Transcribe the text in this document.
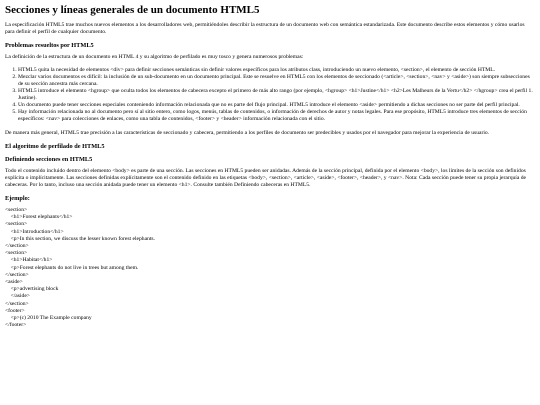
Secciones y líneas generales de un documento HTML5

La especificación HTML5 trae muchos nuevos elementos a los desarrolladores web, permitiéndoles describir la estructura de un documento web con semántica estandarizada. Este documento describe estos elementos y cómo usarlos para definir el perfil de cualquier documento.

Problemas resueltos por HTML5

La definición de la estructura de un documento en HTML 4 y su algoritmo de perfilado es muy tosco y genera numerosos problemas:

1. HTML5 quita la necesidad de elementos <div> para definir secciones semánticas sin definir valores específicos para los atributos class, introduciendo un nuevo elemento, <section>, el elemento de sección HTML.
2. Mezclar varios documentos es difícil: la inclusión de un sub-documento en un documento principal. Este se resuelve en HTML5 con los elementos de seccionado (<article>, <section>, <nav> y <aside>) son siempre subsecciones de su sección ancestra más cercana.
3. HTML5 introduce el elemento <hgroup> que oculta todos los elementos de cabecera excepto el primero de más alto rango (por ejemplo, <hgroup> <h1>Justine</h1> <h2>Les Malheurs de la Vertu</h2> </hgroup> crea el perfil 1. Justine).
4. Un documento puede tener secciones especiales conteniendo información relacionada que no es parte del flujo principal. HTML5 introduce el elemento <aside> permitiendo a dichas secciones no ser parte del perfil principal.
5. Hay información relacionada no al documento pero sí al sitio entero, como logos, menús, tablas de contenidos, o información de derechos de autor y notas legales. Para ese propósito, HTML5 introduce tres elementos de sección específicos: <nav> para colecciones de enlaces, como una tabla de contenidos, <footer> y <header> información relacionada con el sitio.

De manera más general, HTML5 trae precisión a las características de seccionado y cabecera, permitiendo a los perfiles de documento ser predecibles y usados por el navegador para mejorar la experiencia de usuario.

El algoritmo de perfilado de HTML5
Definiendo secciones en HTML5

Todo el contenido incluido dentro del elemento <body> es parte de una sección. Las secciones en HTML5 pueden ser anidadas. Además de la sección principal, definida por el elemento <body>, los límites de la sección son definidos explícita o implícitamente. Las secciones definidas explícitamente son el contenido definido en las etiquetas <body>, <section>, <article>, <aside>, <footer>, <header>, y <nav>. Nota: Cada sección puede tener su propia jerarquía de cabeceras. Por lo tanto, incluso una sección anidada puede tener un elemento <h1>. Consulte también Definiendo cabeceras en HTML5.

Ejemplo:
<section>
<h1>Forest elephants</h1>
<section>
<h1>Introduction</h1>
<p>In this section, we discuss the lesser known forest elephants.
</section>
<section>
<h1>Habitat</h1>
<p>Forest elephants do not live in trees but among them.
</section>
<aside>
<p>advertising block
</aside>
</section>
<footer>
<p>(c) 2010 The Example company
</footer>
